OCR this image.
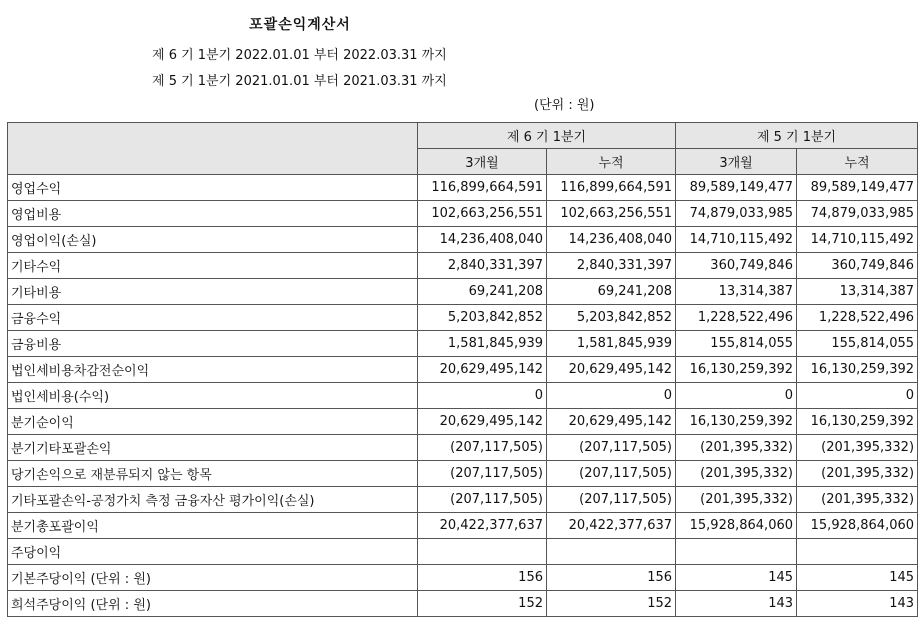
포괄손익계산서
제 6 기 1분기 2022.01.01 부터 2022.03.31 까지
제 5 기 1분기 2021.01.01 부터 2021.03.31 까지
(단위 : 원)
	제 6 기 1분기		제 5 기 1분기	
	3개월	누적	3개월	누적
영업수익	116,899,664,591	116,899,664,591	89,589,149,477	89,589,149,477
영업비용	102,663,256,551	102,663,256,551	74,879,033,985	74,879,033,985
영업이익(손실)	14,236,408,040	14,236,408,040	14,710,115,492	14,710,115,492
기타수익	2,840,331,397	2,840,331,397	360,749,846	360,749,846
기타비용	69,241,208	69,241,208	13,314,387	13,314,387
금융수익	5,203,842,852	5,203,842,852	1,228,522,496	1,228,522,496
금융비용	1,581,845,939	1,581,845,939	155,814,055	155,814,055
법인세비용차감전순이익	20,629,495,142	20,629,495,142	16,130,259,392	16,130,259,392
법인세비용(수익)	0	0	0	0
분기순이익	20,629,495,142	20,629,495,142	16,130,259,392	16,130,259,392
분기기타포괄손익	(207,117,505)	(207,117,505)	(201,395,332)	(201,395,332)
당기손익으로 재분류되지 않는 항목	(207,117,505)	(207,117,505)	(201,395,332)	(201,395,332)
기타포괄손익-공정가치 측정 금융자산 평가이익(손실)	(207,117,505)	(207,117,505)	(201,395,332)	(201,395,332)
분기총포괄이익	20,422,377,637	20,422,377,637	15,928,864,060	15,928,864,060
주당이익				
기본주당이익 (단위 : 원)	156	156	145	145
희석주당이익 (단위 : 원)	152	152	143	143
